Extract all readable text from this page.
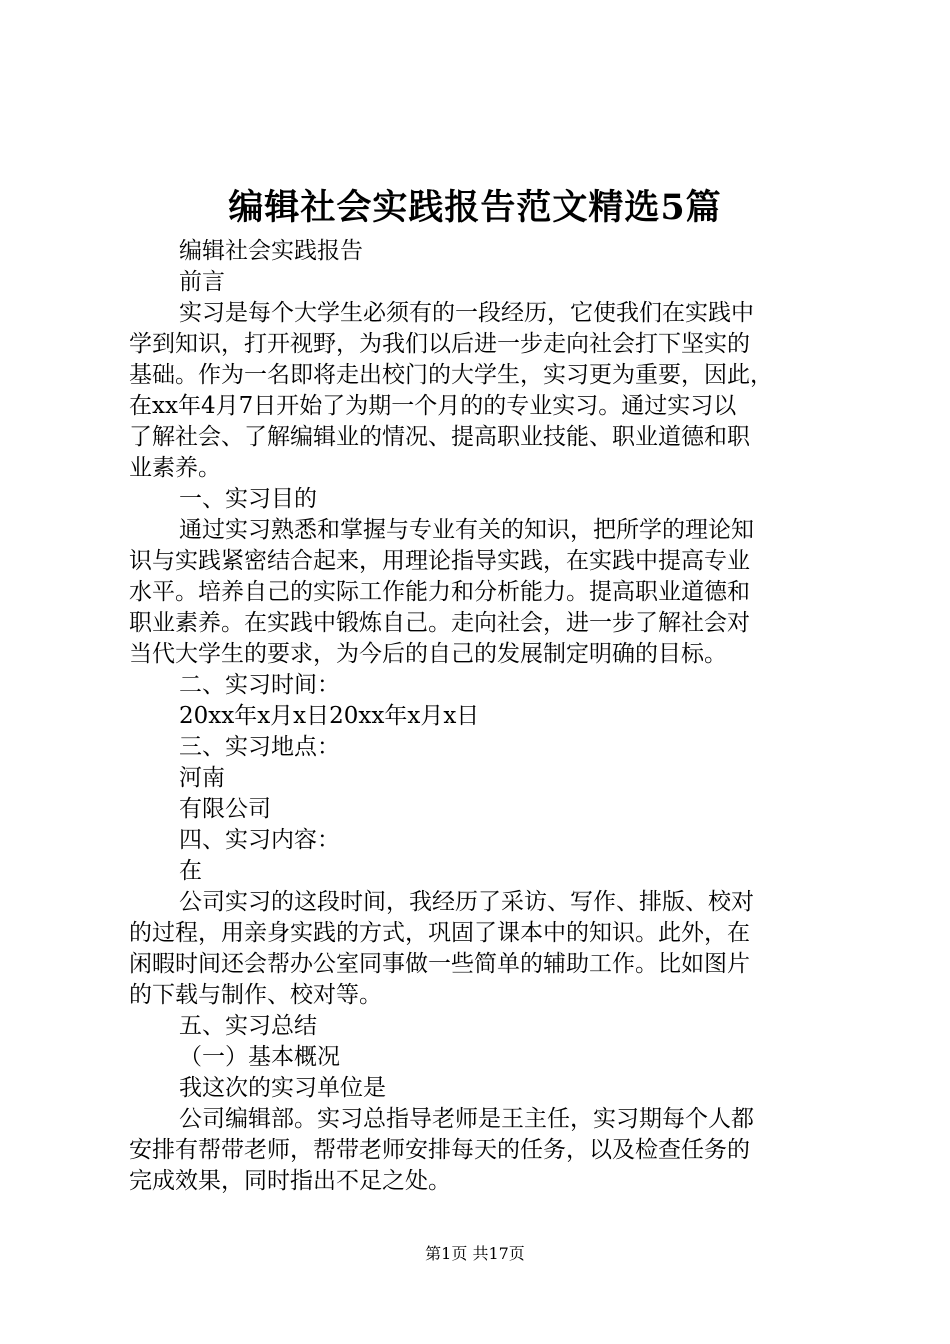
编辑社会实践报告范文精选5篇
编辑社会实践报告
前言
实习是每个大学生必须有的一段经历，它使我们在实践中
学到知识，打开视野，为我们以后进一步走向社会打下坚实的
基础。作为一名即将走出校门的大学生，实习更为重要，因此，
在xx年4月7日开始了为期一个月的的专业实习。通过实习以
了解社会、了解编辑业的情况、提高职业技能、职业道德和职
业素养。
一、实习目的
通过实习熟悉和掌握与专业有关的知识，把所学的理论知
识与实践紧密结合起来，用理论指导实践，在实践中提高专业
水平。培养自己的实际工作能力和分析能力。提高职业道德和
职业素养。在实践中锻炼自己。走向社会，进一步了解社会对
当代大学生的要求，为今后的自己的发展制定明确的目标。
二、实习时间：
20xx年x月x日20xx年x月x日
三、实习地点：
河南
有限公司
四、实习内容：
在
公司实习的这段时间，我经历了采访、写作、排版、校对
的过程，用亲身实践的方式，巩固了课本中的知识。此外，在
闲暇时间还会帮办公室同事做一些简单的辅助工作。比如图片
的下载与制作、校对等。
五、实习总结
（一）基本概况
我这次的实习单位是
公司编辑部。实习总指导老师是王主任，实习期每个人都
安排有帮带老师，帮带老师安排每天的任务，以及检查任务的
完成效果，同时指出不足之处。
第1页 共17页
